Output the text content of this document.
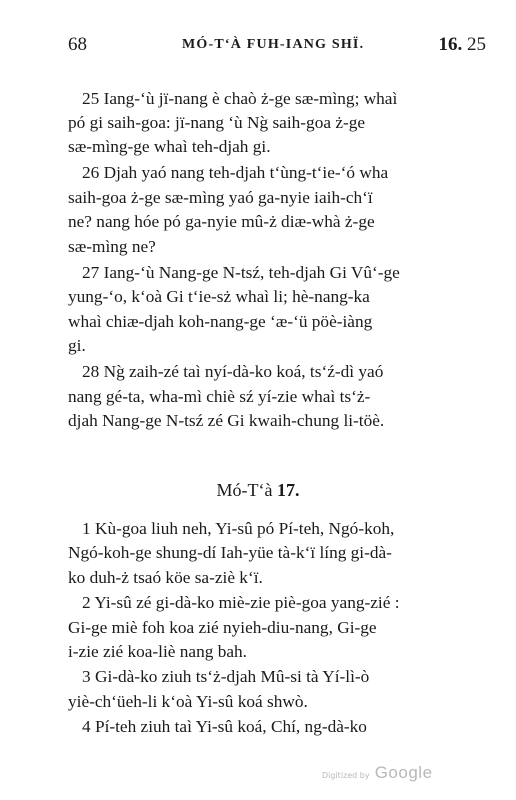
68	MÓ-T‘À FUH-IANG SHÏ.	16. 25
25 Iang-‘ù jï-nang è chaò ż-ge sæ-mìng; whaì
pó gi saih-goa: jï-nang ‘ù Ng̀ saih-goa ż-ge
sæ-mìng-ge whaì teh-djah gi.
26 Djah yaó nang teh-djah t‘ùng-t‘ie-‘ó wha
saih-goa ż-ge sæ-mìng yaó ga-nyie iaih-ch‘ï
ne? nang hóe pó ga-nyie mû-ż diæ-whà ż-ge
sæ-mìng ne?
27 Iang-‘ù Nang-ge N-tsź, teh-djah Gi Vû‘-ge
yung-‘o, k‘oà Gi t‘ie-sż whaì li; hè-nang-ka
whaì chiæ-djah koh-nang-ge ‘æ-‘ü pöè-iàng
gi.
28 Ng̀ zaih-zé taì nyí-dà-ko koá, ts‘ź-dì yaó
nang gé-ta, wha-mì chiè sź yí-zie whaì ts‘ż-
djah Nang-ge N-tsź zé Gi kwaih-chung li-töè.
Mó-T‘à 17.
1 Kù-goa liuh neh, Yi-sû pó Pí-teh, Ngó-koh,
Ngó-koh-ge shung-dí Iah-yüe tà-k‘ï líng gi-dà-
ko duh-ż tsaó köe sa-ziè k‘ï.
2 Yi-sû zé gi-dà-ko miè-zie piè-goa yang-zié :
Gi-ge miè foh koa zié nyieh-diu-nang, Gi-ge
i-zie zié koa-liè nang bah.
3 Gi-dà-ko ziuh ts‘ż-djah Mû-si tà Yí-lì-ò
yiè-ch‘üeh-li k‘oà Yi-sû koá shwò.
4 Pí-teh ziuh taì Yi-sû koá, Chí, ng-dà-ko
Digitized by Google
